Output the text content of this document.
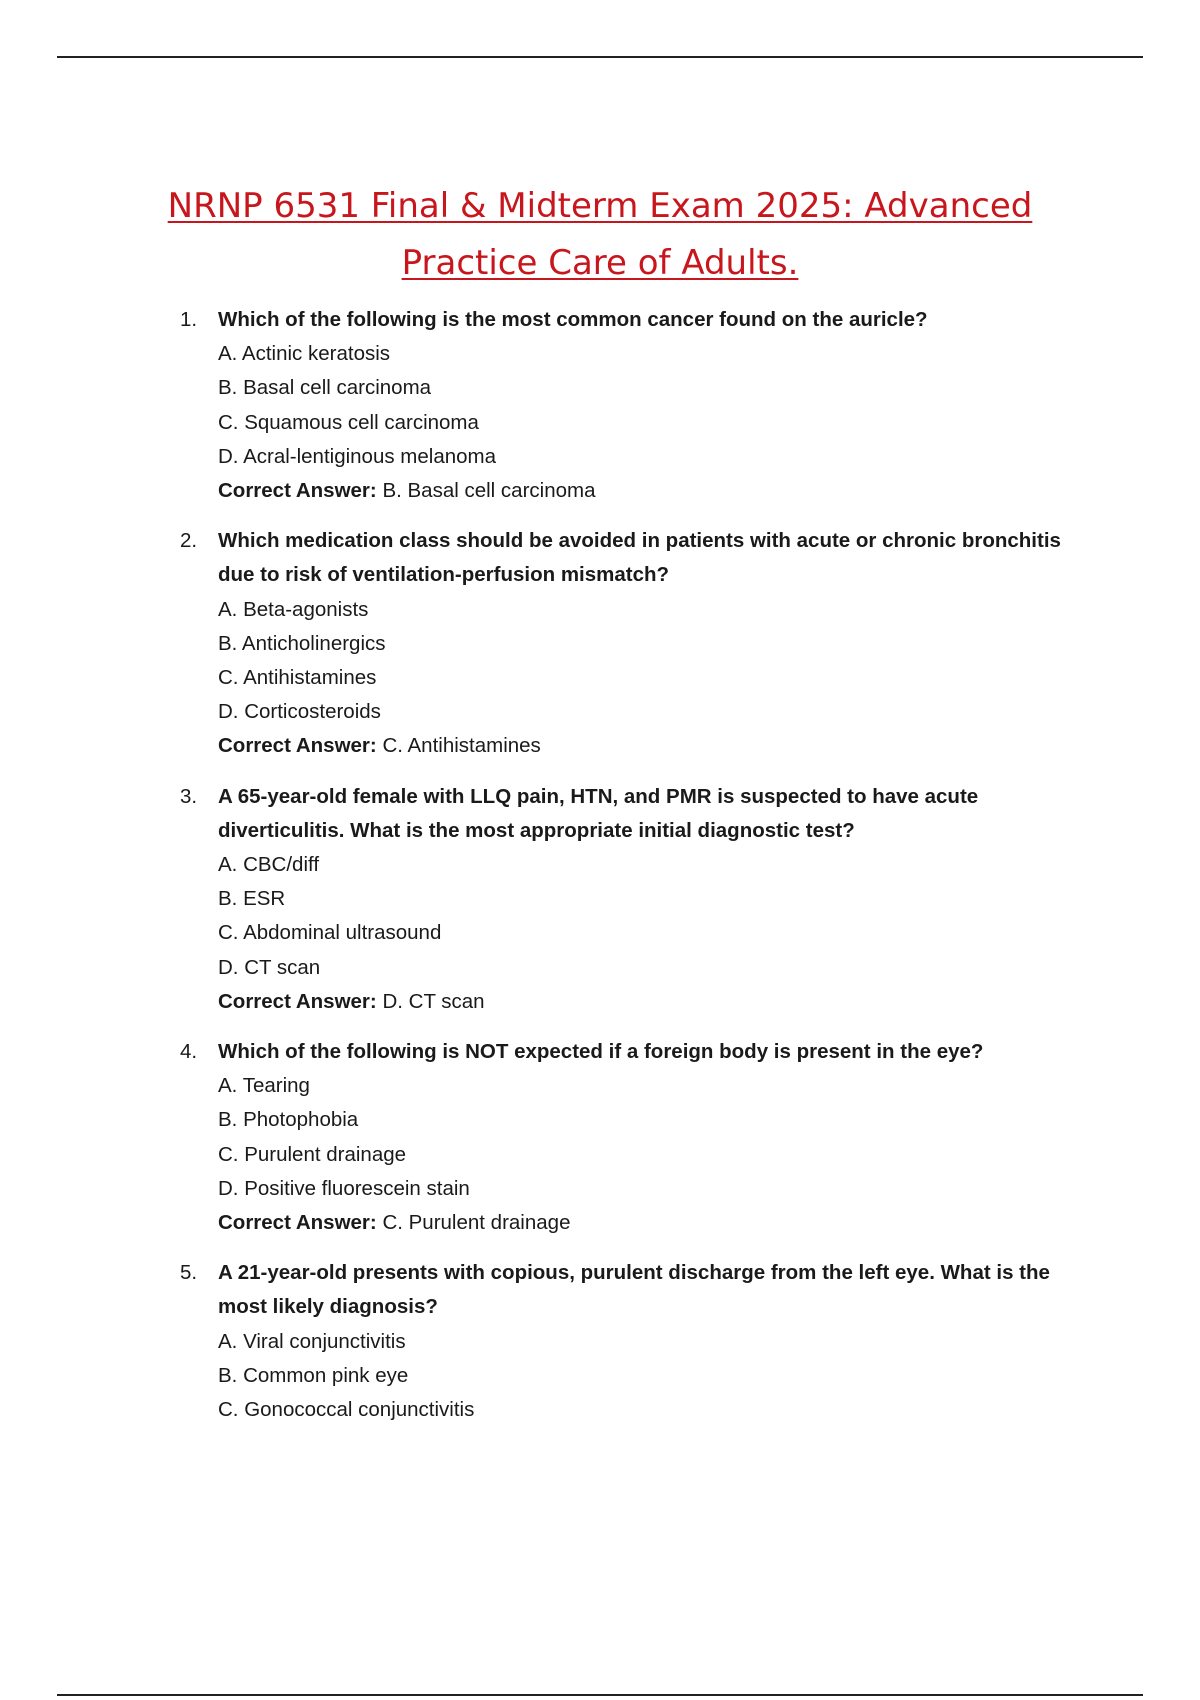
NRNP 6531 Final & Midterm Exam 2025: Advanced
Practice Care of Adults.
1. Which of the following is the most common cancer found on the auricle?
A. Actinic keratosis
B. Basal cell carcinoma
C. Squamous cell carcinoma
D. Acral-lentiginous melanoma
Correct Answer: B. Basal cell carcinoma
2. Which medication class should be avoided in patients with acute or chronic bronchitis due to risk of ventilation-perfusion mismatch?
A. Beta-agonists
B. Anticholinergics
C. Antihistamines
D. Corticosteroids
Correct Answer: C. Antihistamines
3. A 65-year-old female with LLQ pain, HTN, and PMR is suspected to have acute diverticulitis. What is the most appropriate initial diagnostic test?
A. CBC/diff
B. ESR
C. Abdominal ultrasound
D. CT scan
Correct Answer: D. CT scan
4. Which of the following is NOT expected if a foreign body is present in the eye?
A. Tearing
B. Photophobia
C. Purulent drainage
D. Positive fluorescein stain
Correct Answer: C. Purulent drainage
5. A 21-year-old presents with copious, purulent discharge from the left eye. What is the most likely diagnosis?
A. Viral conjunctivitis
B. Common pink eye
C. Gonococcal conjunctivitis
